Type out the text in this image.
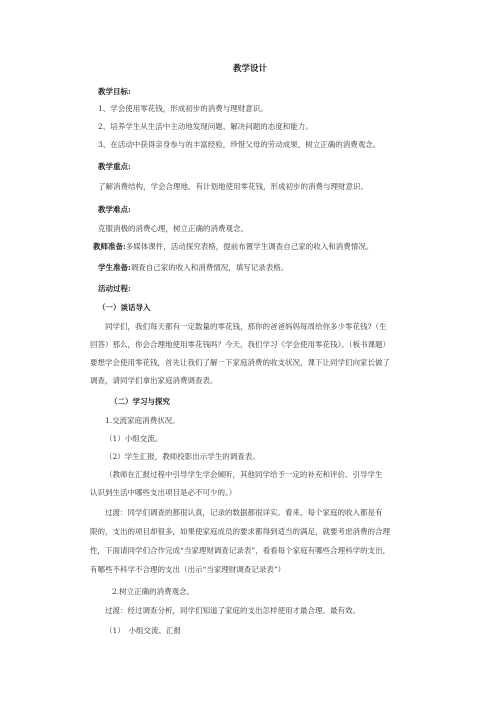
教学设计
教学目标:
1、学会使用零花钱，形成初步的消费与理财意识。
2、培养学生从生活中主动地发现问题、解决问题的态度和能力。
3、在活动中获得亲身参与的丰富经验，珍惜父母的劳动成果，树立正确的消费观念。
教学重点:
了解消费结构，学会合理地、有计划地使用零花钱，形成初步的消费与理财意识。
教学难点:
克服消极的消费心理，树立正确的消费观念。
教师准备:多媒体课件，活动探究表格，提前布置学生调查自己家的收入和消费情况。
学生准备:调查自己家的收入和消费情况，填写记录表格。
活动过程:
（一）谈话导入
同学们，我们每天都有一定数量的零花钱，那你的爸爸妈妈每周给你多少零花钱?（生
回答）那么，你会合理地使用零花钱吗？今天，我们学习《学会使用零花钱》。（板书课题）
要想学会使用零花钱，首先让我们了解一下家庭消费的收支状况，课下让同学们向家长做了
调查，请同学们拿出家庭消费调查表。
（二）学习与探究
1.交流家庭消费状况。
（1）小组交流。
（2）学生汇报，教师投影出示学生的调查表。
（教师在汇报过程中引导学生学会倾听，其他同学给予一定的补充和评价。引导学生
认识到生活中哪些支出项目是必不可少的。）
过渡：同学们调查的都很认真，记录的数据都很详实。看来，每个家庭的收入都是有
限的，支出的项目却很多，如果使家庭成员的要求都得到适当的满足，就要考虑消费的合理
性，下面请同学们合作完成“当家理财调查记录表”，看看每个家庭有哪些合理科学的支出，
有哪些不科学不合理的支出（出示“当家理财调查记录表”）
2.树立正确的消费观念。
过渡：经过调查分析，同学们知道了家庭的支出怎样使用才最合理、最有效。
（1）　小组交流、汇报
